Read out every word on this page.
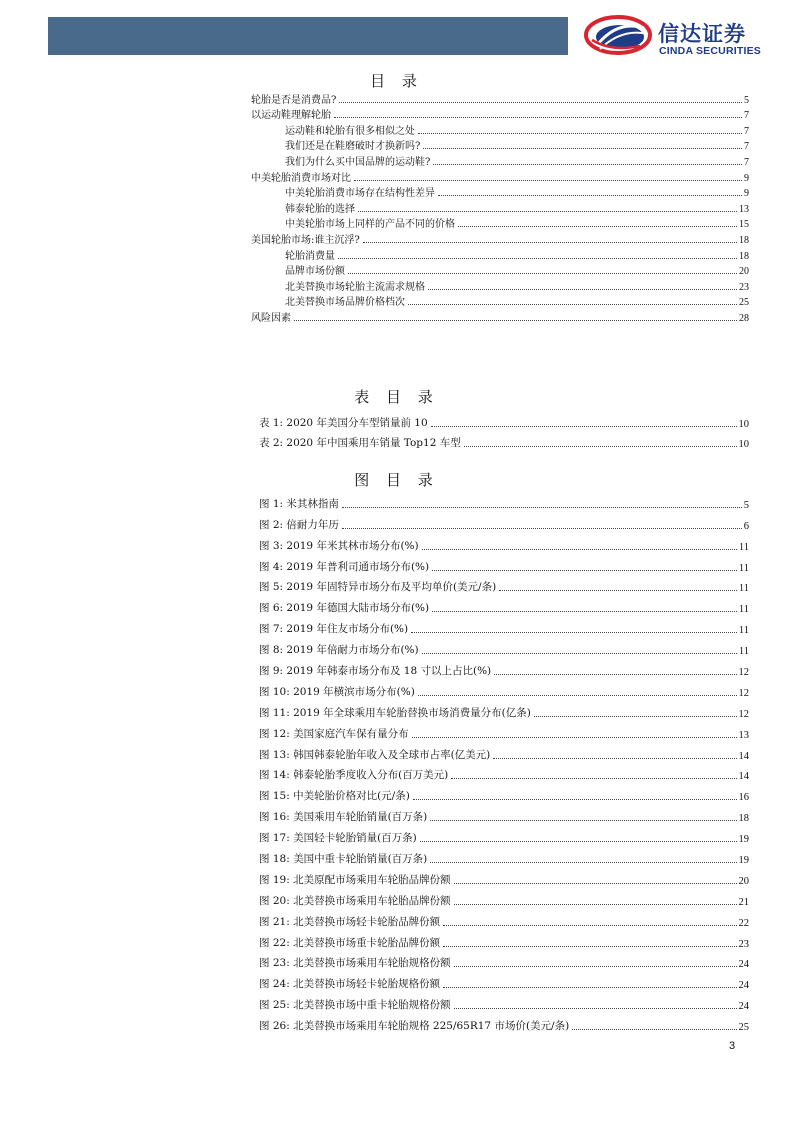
信达证券
CINDA SECURITIES
目 录
轮胎是否是消费品?	5
以运动鞋理解轮胎	7
运动鞋和轮胎有很多相似之处	7
我们还是在鞋磨破时才换新吗?	7
我们为什么买中国品牌的运动鞋?	7
中美轮胎消费市场对比	9
中美轮胎消费市场存在结构性差异	9
韩泰轮胎的选择	13
中美轮胎市场上同样的产品不同的价格	15
美国轮胎市场:谁主沉浮?	18
轮胎消费量	18
品牌市场份额	20
北美替换市场轮胎主流需求规格	23
北美替换市场品牌价格档次	25
风险因素	28
表 目 录
表 1: 2020 年美国分车型销量前 10	10
表 2: 2020 年中国乘用车销量 Top12 车型	10
图 目 录
图 1: 米其林指南	5
图 2: 倍耐力年历	6
图 3: 2019 年米其林市场分布(%)	11
图 4: 2019 年普利司通市场分布(%)	11
图 5: 2019 年固特异市场分布及平均单价(美元/条)	11
图 6: 2019 年德国大陆市场分布(%)	11
图 7: 2019 年住友市场分布(%)	11
图 8: 2019 年倍耐力市场分布(%)	11
图 9: 2019 年韩泰市场分布及 18 寸以上占比(%)	12
图 10: 2019 年横滨市场分布(%)	12
图 11: 2019 年全球乘用车轮胎替换市场消费量分布(亿条)	12
图 12: 美国家庭汽车保有量分布	13
图 13: 韩国韩泰轮胎年收入及全球市占率(亿美元)	14
图 14: 韩泰轮胎季度收入分布(百万美元)	14
图 15: 中美轮胎价格对比(元/条)	16
图 16: 美国乘用车轮胎销量(百万条)	18
图 17: 美国轻卡轮胎销量(百万条)	19
图 18: 美国中重卡轮胎销量(百万条)	19
图 19: 北美原配市场乘用车轮胎品牌份额	20
图 20: 北美替换市场乘用车轮胎品牌份额	21
图 21: 北美替换市场轻卡轮胎品牌份额	22
图 22: 北美替换市场重卡轮胎品牌份额	23
图 23: 北美替换市场乘用车轮胎规格份额	24
图 24: 北美替换市场轻卡轮胎规格份额	24
图 25: 北美替换市场中重卡轮胎规格份额	24
图 26: 北美替换市场乘用车轮胎规格 225/65R17 市场价(美元/条)	25
3
